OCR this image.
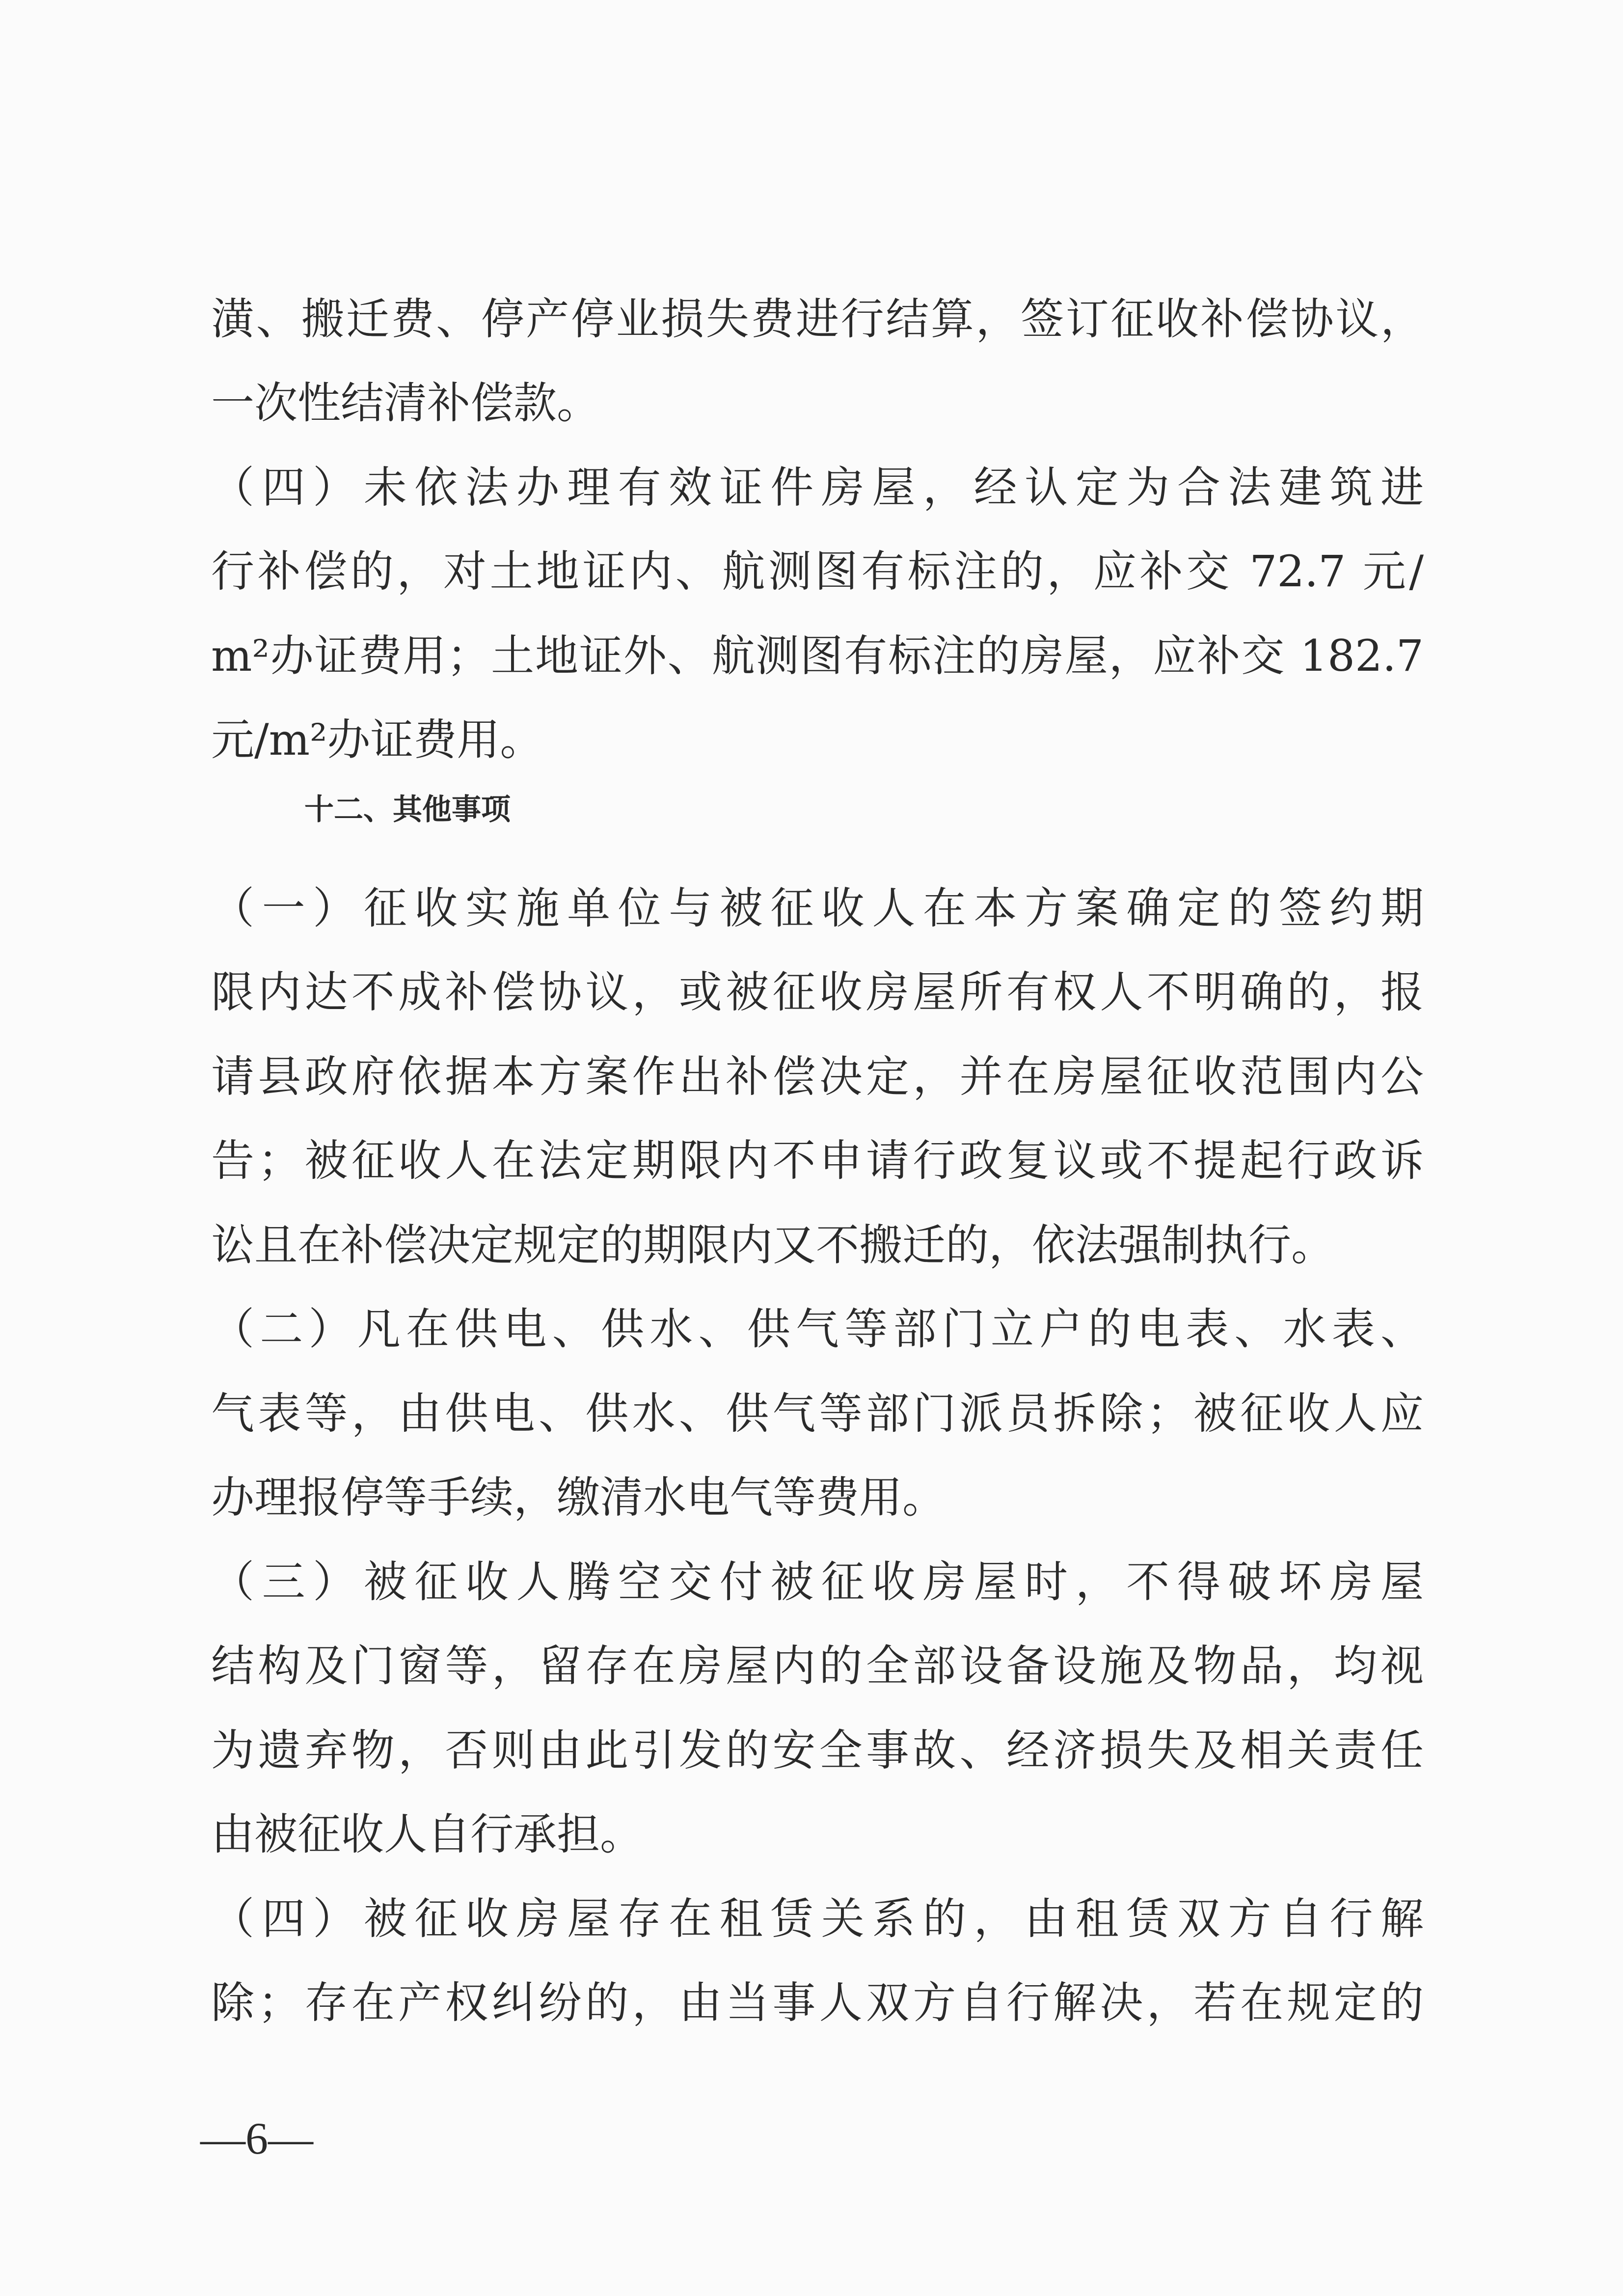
潢、搬迁费、停产停业损失费进行结算，签订征收补偿协议，
一次性结清补偿款。
（四）未依法办理有效证件房屋，经认定为合法建筑进
行补偿的，对土地证内、航测图有标注的，应补交 72.7 元/
m²办证费用；土地证外、航测图有标注的房屋，应补交 182.7
元/m²办证费用。
十二、其他事项
（一）征收实施单位与被征收人在本方案确定的签约期
限内达不成补偿协议，或被征收房屋所有权人不明确的，报
请县政府依据本方案作出补偿决定，并在房屋征收范围内公
告；被征收人在法定期限内不申请行政复议或不提起行政诉
讼且在补偿决定规定的期限内又不搬迁的，依法强制执行。
（二）凡在供电、供水、供气等部门立户的电表、水表、
气表等，由供电、供水、供气等部门派员拆除；被征收人应
办理报停等手续，缴清水电气等费用。
（三）被征收人腾空交付被征收房屋时，不得破坏房屋
结构及门窗等，留存在房屋内的全部设备设施及物品，均视
为遗弃物，否则由此引发的安全事故、经济损失及相关责任
由被征收人自行承担。
（四）被征收房屋存在租赁关系的，由租赁双方自行解
除；存在产权纠纷的，由当事人双方自行解决，若在规定的
—6—
